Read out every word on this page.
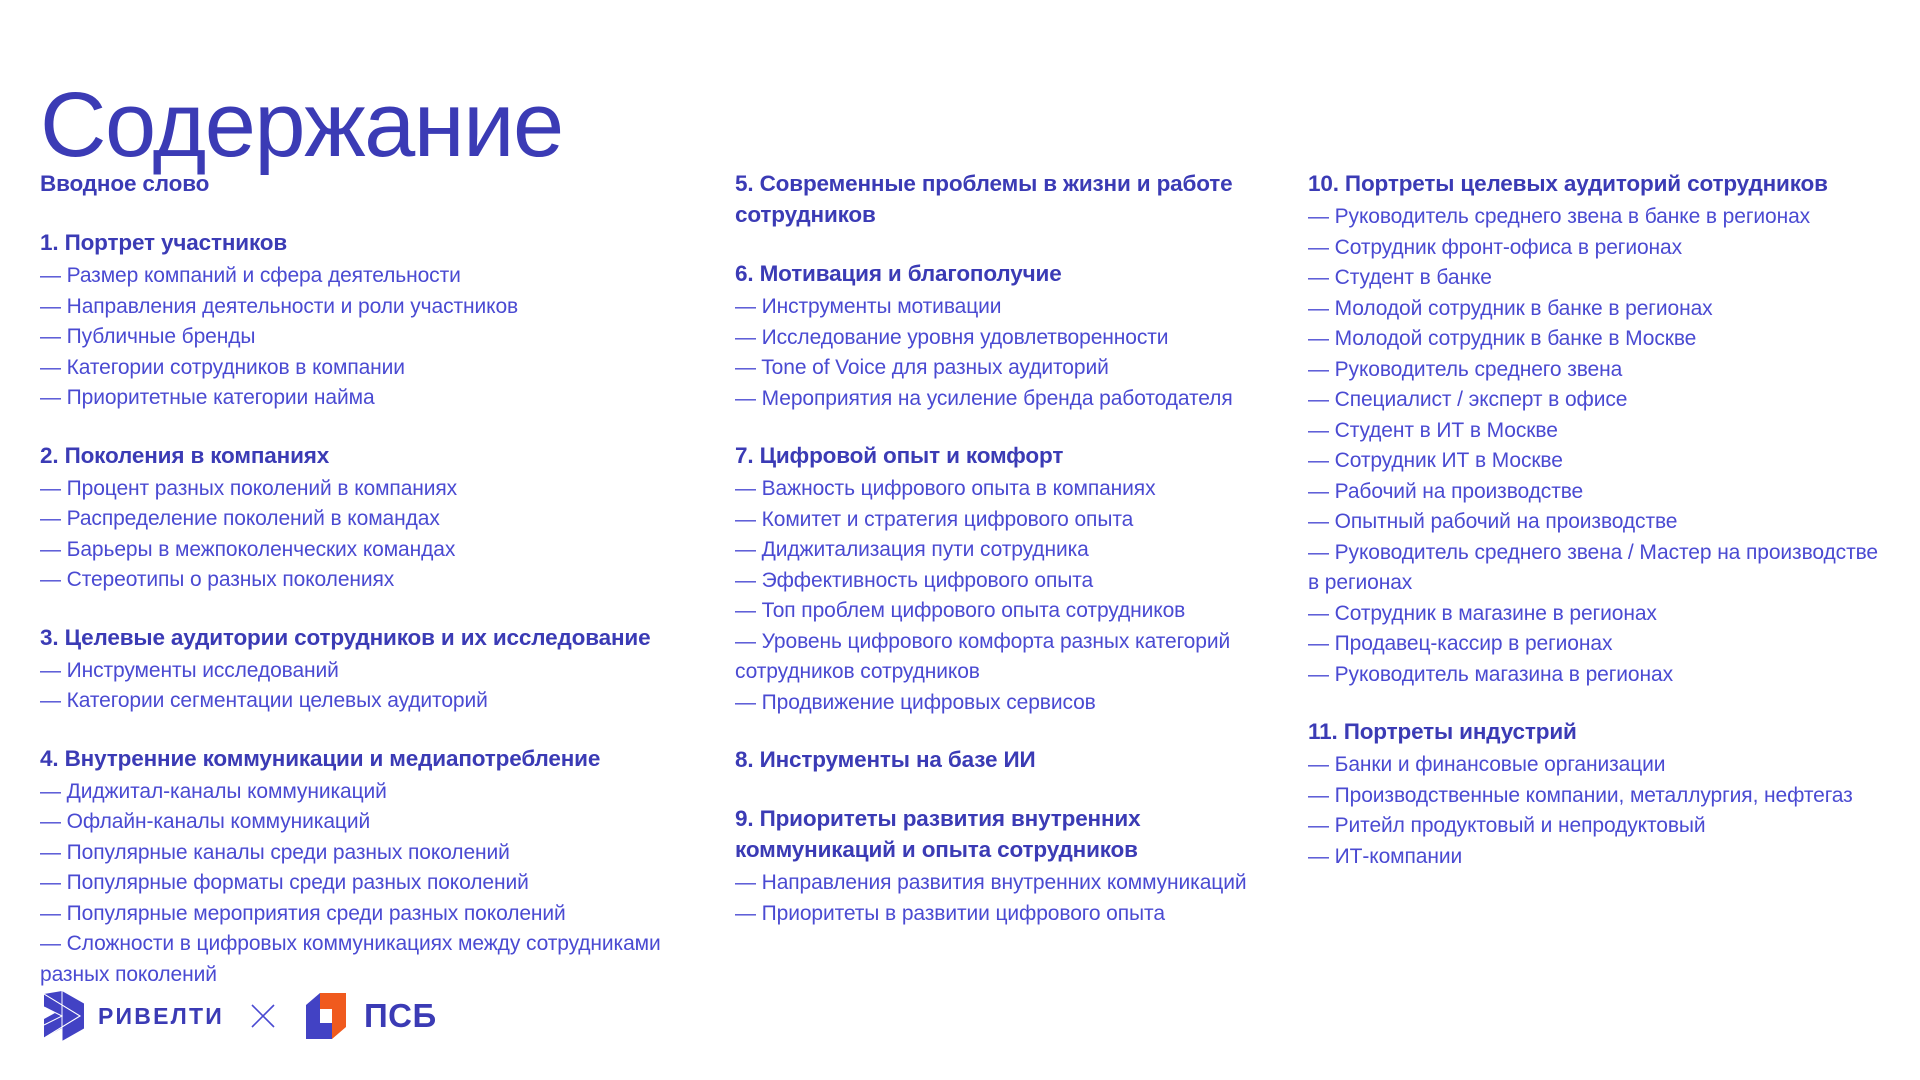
Содержание
Вводное слово
1. Портрет участников
— Размер компаний и сфера деятельности
— Направления деятельности и роли участников
— Публичные бренды
— Категории сотрудников в компании
— Приоритетные категории найма
2. Поколения в компаниях
— Процент разных поколений в компаниях
— Распределение поколений в командах
— Барьеры в межпоколенческих командах
— Стереотипы о разных поколениях
3. Целевые аудитории сотрудников и их исследование
— Инструменты исследований
— Категории сегментации целевых аудиторий
4. Внутренние коммуникации и медиапотребление
— Диджитал-каналы коммуникаций
— Офлайн-каналы коммуникаций
— Популярные каналы среди разных поколений
— Популярные форматы среди разных поколений
— Популярные мероприятия среди разных поколений
— Сложности в цифровых коммуникациях между сотрудниками разных поколений
5. Современные проблемы в жизни и работе сотрудников
6. Мотивация и благополучие
— Инструменты мотивации
— Исследование уровня удовлетворенности
— Tone of Voice для разных аудиторий
— Мероприятия на усиление бренда работодателя
7. Цифровой опыт и комфорт
— Важность цифрового опыта в компаниях
— Комитет и стратегия цифрового опыта
— Диджитализация пути сотрудника
— Эффективность цифрового опыта
— Топ проблем цифрового опыта сотрудников
— Уровень цифрового комфорта разных категорий сотрудников сотрудников
— Продвижение цифровых сервисов
8. Инструменты на базе ИИ
9. Приоритеты развития внутренних коммуникаций и опыта сотрудников
— Направления развития внутренних коммуникаций
— Приоритеты в развитии цифрового опыта
10. Портреты целевых аудиторий сотрудников
— Руководитель среднего звена в банке в регионах
— Сотрудник фронт-офиса в регионах
— Студент в банке
— Молодой сотрудник в банке в регионах
— Молодой сотрудник в банке в Москве
— Руководитель среднего звена
— Специалист / эксперт в офисе
— Студент в ИТ в Москве
— Сотрудник ИТ в Москве
— Рабочий на производстве
— Опытный рабочий на производстве
— Руководитель среднего звена / Мастер на производстве в регионах
— Сотрудник в магазине в регионах
— Продавец-кассир в регионах
— Руководитель магазина в регионах
11. Портреты индустрий
— Банки и финансовые организации
— Производственные компании, металлургия, нефтегаз
— Ритейл продуктовый и непродуктовый
— ИТ-компании
РИВЕЛТИ	ПСБ
